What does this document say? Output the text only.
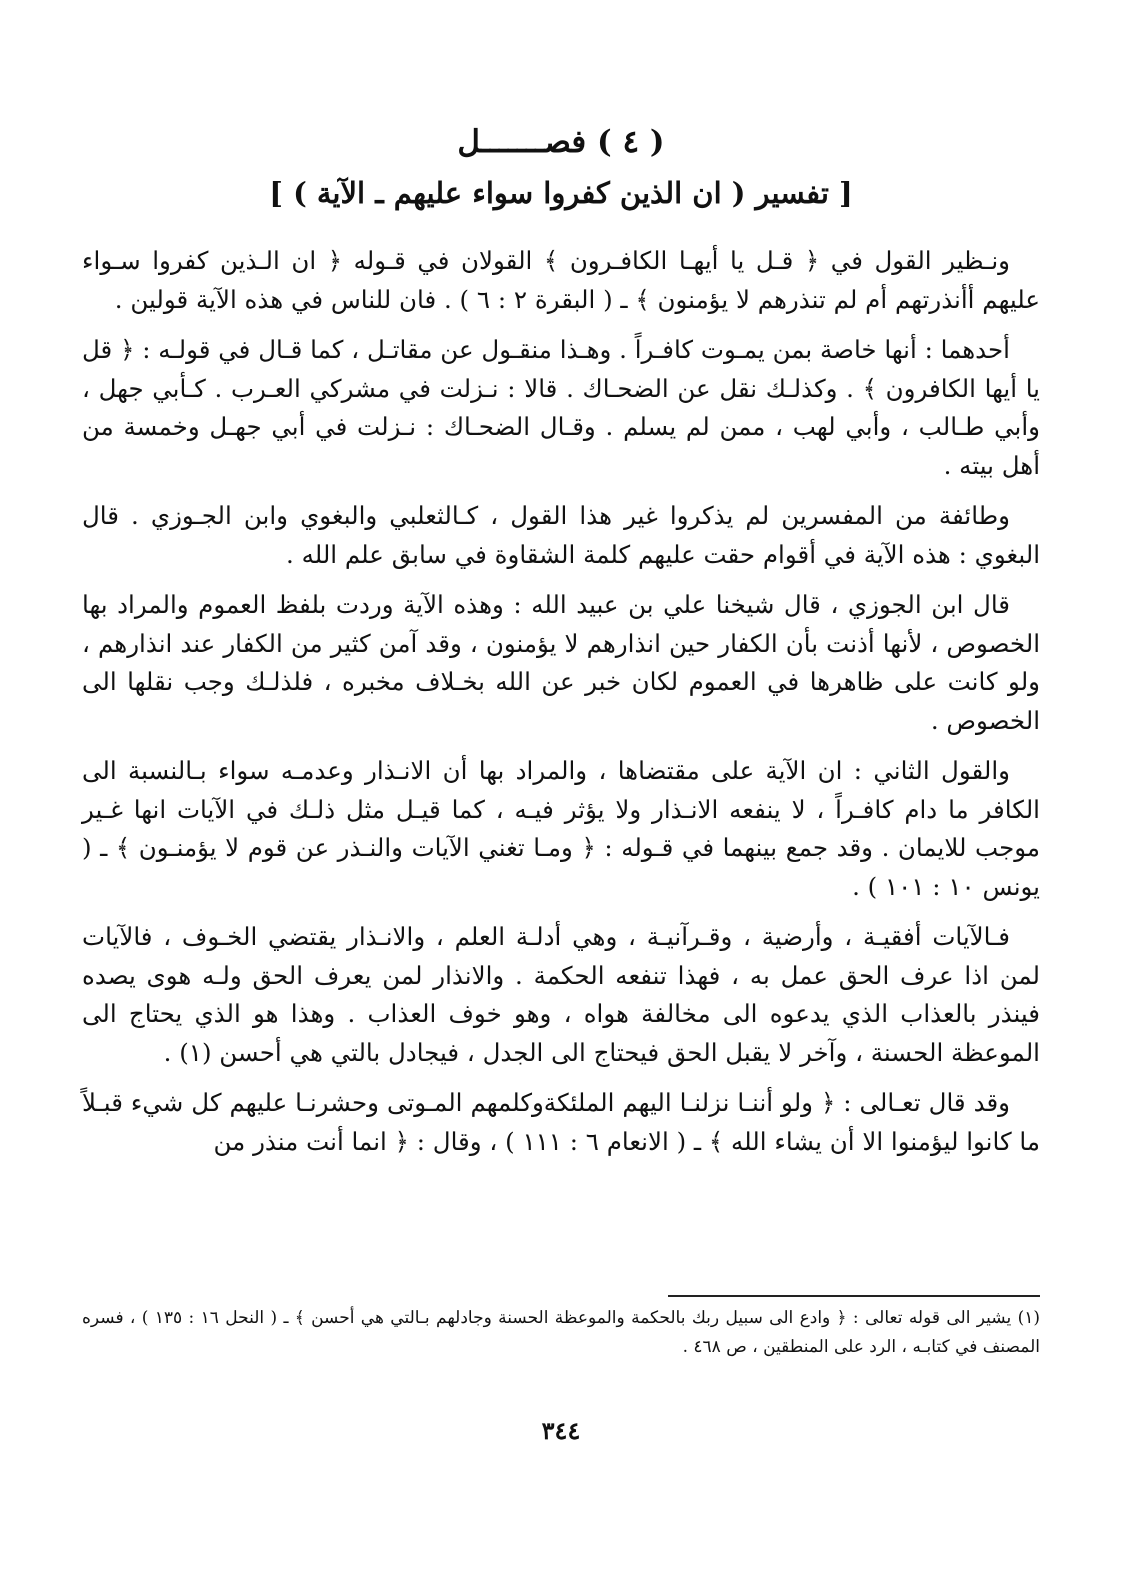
( ٤ ) فصـــــــل
[ تفسير ( ان الذين كفروا سواء عليهم ـ الآية ) ]

ونـظير القول في ﴿ قـل يا أيهـا الكافـرون ﴾ القولان في قـوله ﴿ ان الـذين كفروا سـواء عليهم أأنذرتهم أم لم تنذرهم لا يؤمنون ﴾ ـ ( البقرة ٢ : ٦ ) . فان للناس في هذه الآية قولين .

أحدهما : أنها خاصة بمن يمـوت كافـراً . وهـذا منقـول عن مقاتـل ، كما قـال في قولـه : ﴿ قل يا أيها الكافرون ﴾ . وكذلـك نقل عن الضحـاك . قالا : نـزلت في مشركي العـرب . كـأبي جهل ، وأبي طـالب ، وأبي لهب ، ممن لم يسلم . وقـال الضحـاك : نـزلت في أبي جهـل وخمسة من أهل بيته .

وطائفة من المفسرين لم يذكروا غير هذا القول ، كـالثعلبي والبغوي وابن الجـوزي . قال البغوي : هذه الآية في أقوام حقت عليهم كلمة الشقاوة في سابق علم الله .

قال ابن الجوزي ، قال شيخنا علي بن عبيد الله : وهذه الآية وردت بلفظ العموم والمراد بها الخصوص ، لأنها أذنت بأن الكفار حين انذارهم لا يؤمنون ، وقد آمن كثير من الكفار عند انذارهم ، ولو كانت على ظاهرها في العموم لكان خبر عن الله بخـلاف مخبره ، فلذلـك وجب نقلها الى الخصوص .

والقول الثاني : ان الآية على مقتضاها ، والمراد بها أن الانـذار وعدمـه سواء بـالنسبة الى الكافر ما دام كافـراً ، لا ينفعه الانـذار ولا يؤثر فيـه ، كما قيـل مثل ذلـك في الآيات انها غـير موجب للايمان . وقد جمع بينهما في قـوله : ﴿ ومـا تغني الآيات والنـذر عن قوم لا يؤمنـون ﴾ ـ ( يونس ١٠ : ١٠١ ) .

فـالآيات أفقيـة ، وأرضية ، وقـرآنيـة ، وهي أدلـة العلم ، والانـذار يقتضي الخـوف ، فالآيات لمن اذا عرف الحق عمل به ، فهذا تنفعه الحكمة . والانذار لمن يعرف الحق ولـه هوى يصده فينذر بالعذاب الذي يدعوه الى مخالفة هواه ، وهو خوف العذاب . وهذا هو الذي يحتاج الى الموعظة الحسنة ، وآخر لا يقبل الحق فيحتاج الى الجدل ، فيجادل بالتي هي أحسن (١) .

وقد قال تعـالى : ﴿ ولو أننـا نزلنـا اليهم الملئكةوكلمهم المـوتى وحشرنـا عليهم كل شيء قبـلاً ما كانوا ليؤمنوا الا أن يشاء الله ﴾ ـ ( الانعام ٦ : ١١١ ) ، وقال : ﴿ انما أنت منذر من

(١) يشير الى قوله تعالى : ﴿ وادع الى سبيل ربك بالحكمة والموعظة الحسنة وجادلهم بـالتي هي أحسن ﴾ ـ ( النحل ١٦ : ١٣٥ ) ، فسره المصنف في كتابـه ، الرد على المنطقين ، ص ٤٦٨ .
٣٤٤
